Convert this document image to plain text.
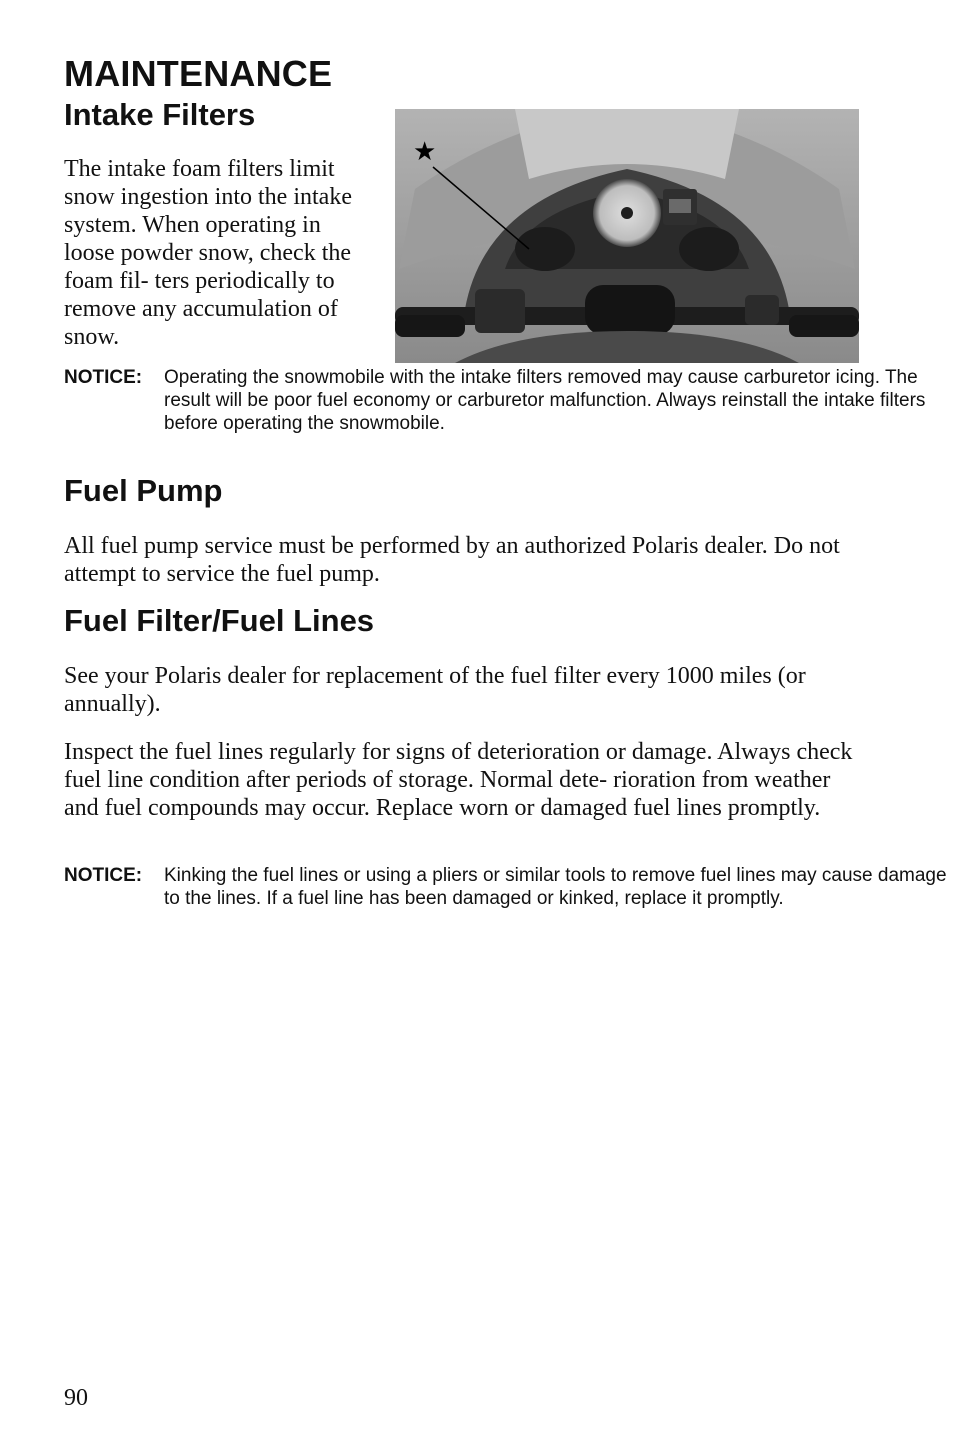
MAINTENANCE
Intake Filters

The intake foam filters limit snow ingestion into the intake system. When operating in loose powder snow, check the foam fil- ters periodically to remove any accumulation of snow.

★

NOTICE: Operating the snowmobile with the intake filters removed may cause carburetor icing. The result will be poor fuel economy or carburetor malfunction. Always reinstall the intake filters before operating the snowmobile.

Fuel Pump

All fuel pump service must be performed by an authorized Polaris dealer. Do not attempt to service the fuel pump.

Fuel Filter/Fuel Lines

See your Polaris dealer for replacement of the fuel filter every 1000 miles (or annually).

Inspect the fuel lines regularly for signs of deterioration or damage. Always check fuel line condition after periods of storage. Normal dete- rioration from weather and fuel compounds may occur. Replace worn or damaged fuel lines promptly.

NOTICE: Kinking the fuel lines or using a pliers or similar tools to remove fuel lines may cause damage to the lines. If a fuel line has been damaged or kinked, replace it promptly.

90
